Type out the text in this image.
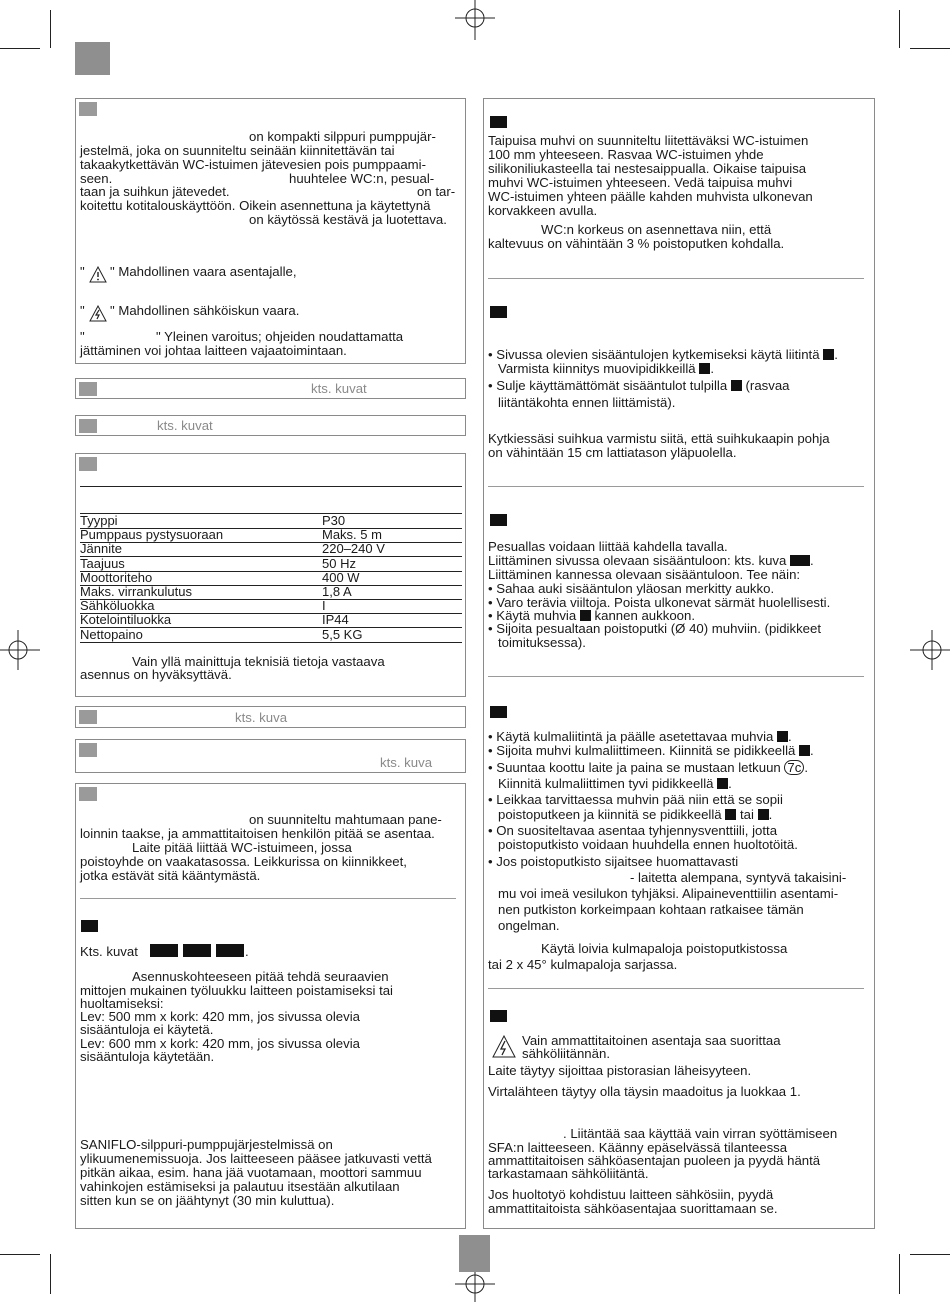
on kompakti silppuri pumppujär-
jestelmä, joka on suunniteltu seinään kiinnitettävän tai
takaakytkettävän WC-istuimen jätevesien pois pumppaami-
seen.	huuhtelee WC:n, pesual-
taan ja suihkun jätevedet.	on tar-
koitettu kotitalouskäyttöön. Oikein asennettuna ja käytettynä
on käytössä kestävä ja luotettava.
" " Mahdollinen vaara asentajalle,
" " Mahdollinen sähköiskun vaara.
"	" Yleinen varoitus; ohjeiden noudattamatta
jättäminen voi johtaa laitteen vajaatoimintaan.
kts. kuvat
kts. kuvat
Tyyppi	P30
Pumppaus pystysuoraan	Maks. 5 m
Jännite	220–240 V
Taajuus	50 Hz
Moottoriteho	400 W
Maks. virrankulutus	1,8 A
Sähköluokka	I
Kotelointiluokka	IP44
Nettopaino	5,5 KG
Vain yllä mainittuja teknisiä tietoja vastaava
asennus on hyväksyttävä.
kts. kuva
kts. kuva
on suunniteltu mahtumaan pane-
loinnin taakse, ja ammattitaitoisen henkilön pitää se asentaa.
Laite pitää liittää WC-istuimeen, jossa
poistoyhde on vaakatasossa. Leikkurissa on kiinnikkeet,
jotka estävät sitä kääntymästä.
Kts. kuvat	.
Asennuskohteeseen pitää tehdä seuraavien
mittojen mukainen työluukku laitteen poistamiseksi tai
huoltamiseksi:
Lev: 500 mm x kork: 420 mm, jos sivussa olevia
sisääntuloja ei käytetä.
Lev: 600 mm x kork: 420 mm, jos sivussa olevia
sisääntuloja käytetään.
SANIFLO-silppuri-pumppujärjestelmissä on
ylikuumenemissuoja. Jos laitteeseen pääsee jatkuvasti vettä
pitkän aikaa, esim. hana jää vuotamaan, moottori sammuu
vahinkojen estämiseksi ja palautuu itsestään alkutilaan
sitten kun se on jäähtynyt (30 min kuluttua).
Taipuisa muhvi on suunniteltu liitettäväksi WC-istuimen
100 mm yhteeseen. Rasvaa WC-istuimen yhde
silikoniliukasteella tai nestesaippualla. Oikaise taipuisa
muhvi WC-istuimen yhteeseen. Vedä taipuisa muhvi
WC-istuimen yhteen päälle kahden muhvista ulkonevan
korvakkeen avulla.
WC:n korkeus on asennettava niin, että
kaltevuus on vähintään 3 % poistoputken kohdalla.
• Sivussa olevien sisääntulojen kytkemiseksi käytä liitintä .
Varmista kiinnitys muovipidikkeillä .
• Sulje käyttämättömät sisääntulot tulpilla (rasvaa
liitäntäkohta ennen liittämistä).
Kytkiessäsi suihkua varmistu siitä, että suihkukaapin pohja
on vähintään 15 cm lattiatason yläpuolella.
Pesuallas voidaan liittää kahdella tavalla.
Liittäminen sivussa olevaan sisääntuloon: kts. kuva .
Liittäminen kannessa olevaan sisääntuloon. Tee näin:
• Sahaa auki sisääntulon yläosan merkitty aukko.
• Varo terävia viiltoja. Poista ulkonevat särmät huolellisesti.
• Käytä muhvia kannen aukkoon.
• Sijoita pesualtaan poistoputki (Ø 40) muhviin. (pidikkeet
toimituksessa).
• Käytä kulmaliitintä ja päälle asetettavaa muhvia .
• Sijoita muhvi kulmaliittimeen. Kiinnitä se pidikkeellä .
• Suuntaa koottu laite ja paina se mustaan letkuun 7c .
Kiinnitä kulmaliittimen tyvi pidikkeellä .
• Leikkaa tarvittaessa muhvin pää niin että se sopii
poistoputkeen ja kiinnitä se pidikkeellä tai .
• On suositeltavaa asentaa tyhjennysventtiili, jotta
poistoputkisto voidaan huuhdella ennen huoltotöitä.
• Jos poistoputkisto sijaitsee huomattavasti
- laitetta alempana, syntyvä takaisini-
mu voi imeä vesilukon tyhjäksi. Alipaineventtiilin asentami-
nen putkiston korkeimpaan kohtaan ratkaisee tämän
ongelman.
Käytä loivia kulmapaloja poistoputkistossa
tai 2 x 45° kulmapaloja sarjassa.
Vain ammattitaitoinen asentaja saa suorittaa
sähköliitännän.
Laite täytyy sijoittaa pistorasian läheisyyteen.
Virtalähteen täytyy olla täysin maadoitus ja luokkaa 1.
. Liitäntää saa käyttää vain virran syöttämiseen
SFA:n laitteeseen. Käänny epäselvässä tilanteessa
ammattitaitoisen sähköasentajan puoleen ja pyydä häntä
tarkastamaan sähköliitäntä.
Jos huoltotyö kohdistuu laitteen sähkösiin, pyydä
ammattitaitoista sähköasentajaa suorittamaan se.
